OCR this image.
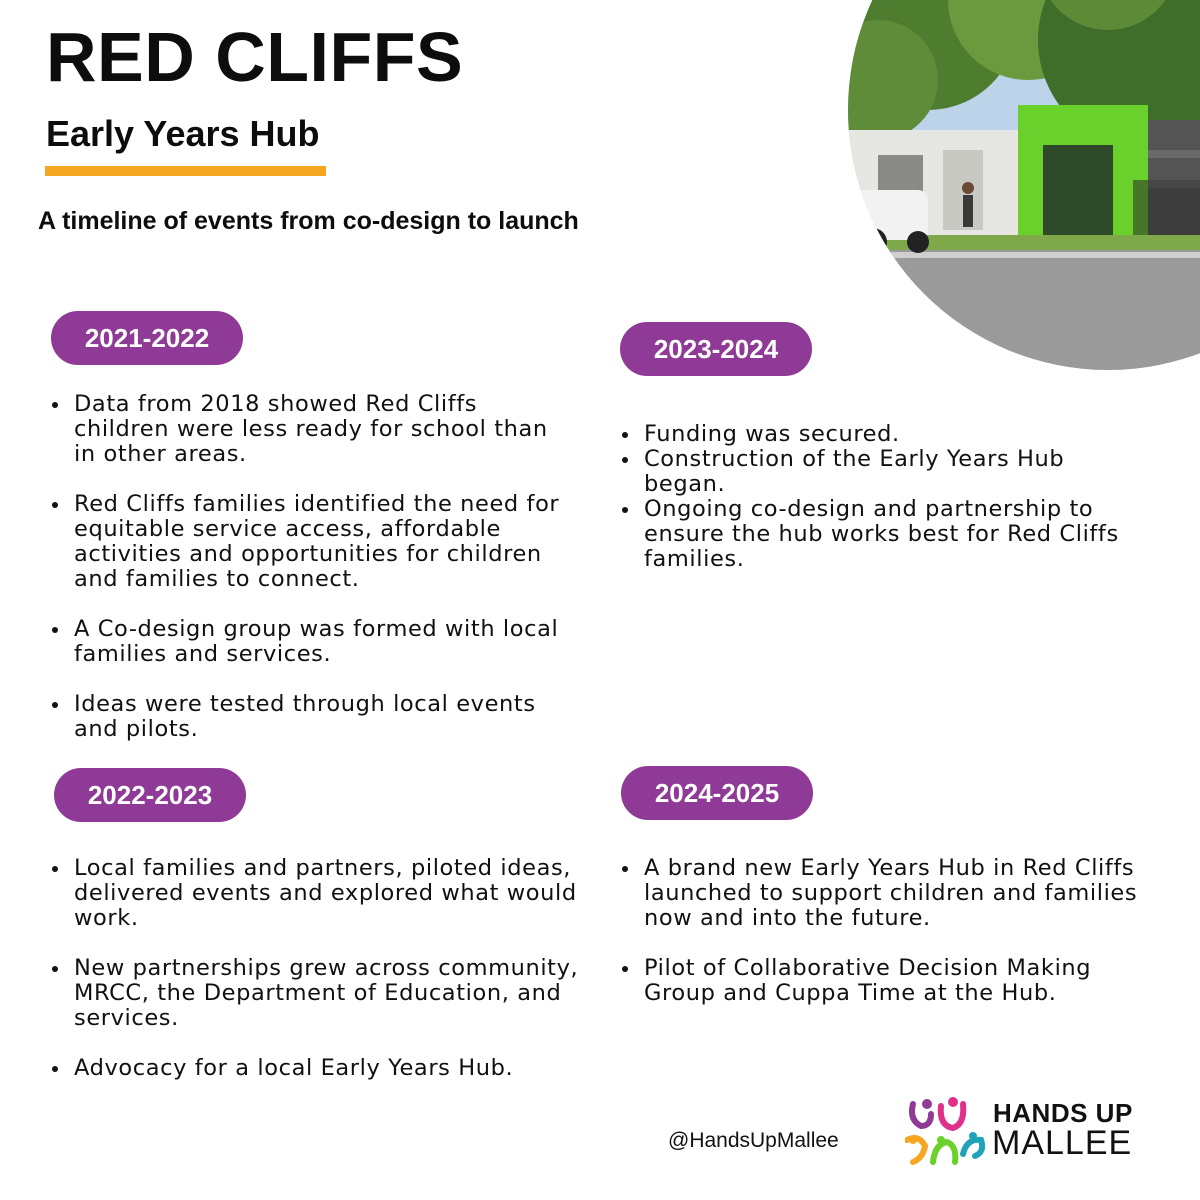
RED CLIFFS
Early Years Hub

A timeline of events from co-design to launch

2021-2022
Data from 2018 showed Red Cliffs children were less ready for school than in other areas.
Red Cliffs families identified the need for equitable service access, affordable activities and opportunities for children and families to connect.
A Co-design group was formed with local families and services.
Ideas were tested through local events and pilots.
2023-2024
Funding was secured.
Construction of the Early Years Hub began.
Ongoing co-design and partnership to ensure the hub works best for Red Cliffs families.
2022-2023
Local families and partners, piloted ideas, delivered events and explored what would work.
New partnerships grew across community, MRCC, the Department of Education, and services.
Advocacy for a local Early Years Hub.
2024-2025
A brand new Early Years Hub in Red Cliffs launched to support children and families now and into the future.
Pilot of Collaborative Decision Making Group and Cuppa Time at the Hub.
@HandsUpMallee
HANDS UP
MALLEE
